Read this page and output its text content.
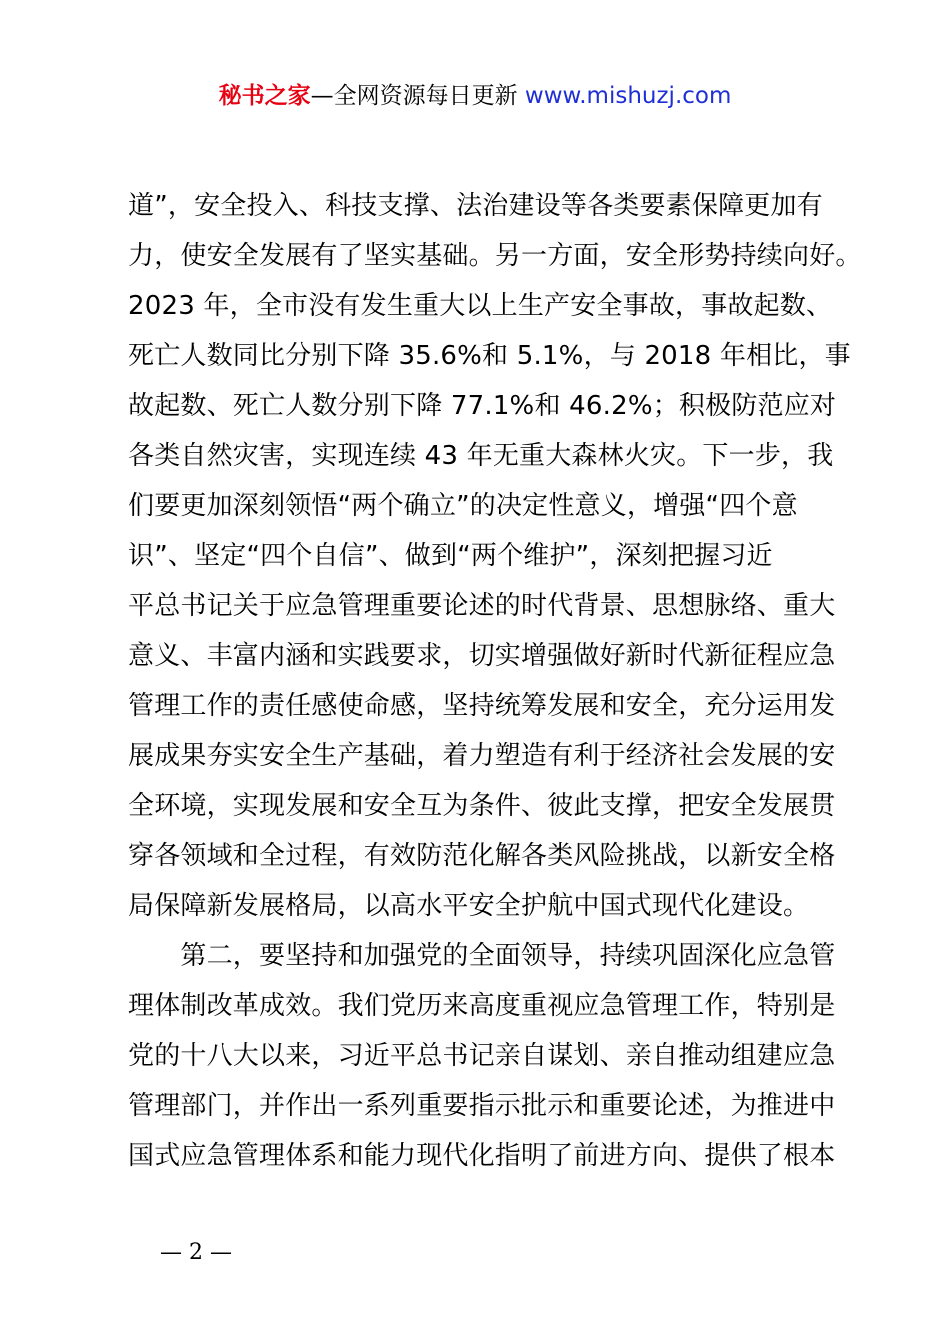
秘书之家—全网资源每日更新 www.mishuzj.com
道”，安全投入、科技支撑、法治建设等各类要素保障更加有
力，使安全发展有了坚实基础。另一方面，安全形势持续向好。
2023 年，全市没有发生重大以上生产安全事故，事故起数、
死亡人数同比分别下降 35.6%和 5.1%，与 2018 年相比，事
故起数、死亡人数分别下降 77.1%和 46.2%；积极防范应对
各类自然灾害，实现连续 43 年无重大森林火灾。下一步，我
们要更加深刻领悟“两个确立”的决定性意义，增强“四个意
识”、坚定“四个自信”、做到“两个维护”，深刻把握习近
平总书记关于应急管理重要论述的时代背景、思想脉络、重大
意义、丰富内涵和实践要求，切实增强做好新时代新征程应急
管理工作的责任感使命感，坚持统筹发展和安全，充分运用发
展成果夯实安全生产基础，着力塑造有利于经济社会发展的安
全环境，实现发展和安全互为条件、彼此支撑，把安全发展贯
穿各领域和全过程，有效防范化解各类风险挑战，以新安全格
局保障新发展格局，以高水平安全护航中国式现代化建设。
　　第二，要坚持和加强党的全面领导，持续巩固深化应急管
理体制改革成效。我们党历来高度重视应急管理工作，特别是
党的十八大以来，习近平总书记亲自谋划、亲自推动组建应急
管理部门，并作出一系列重要指示批示和重要论述，为推进中
国式应急管理体系和能力现代化指明了前进方向、提供了根本
— 2 —
